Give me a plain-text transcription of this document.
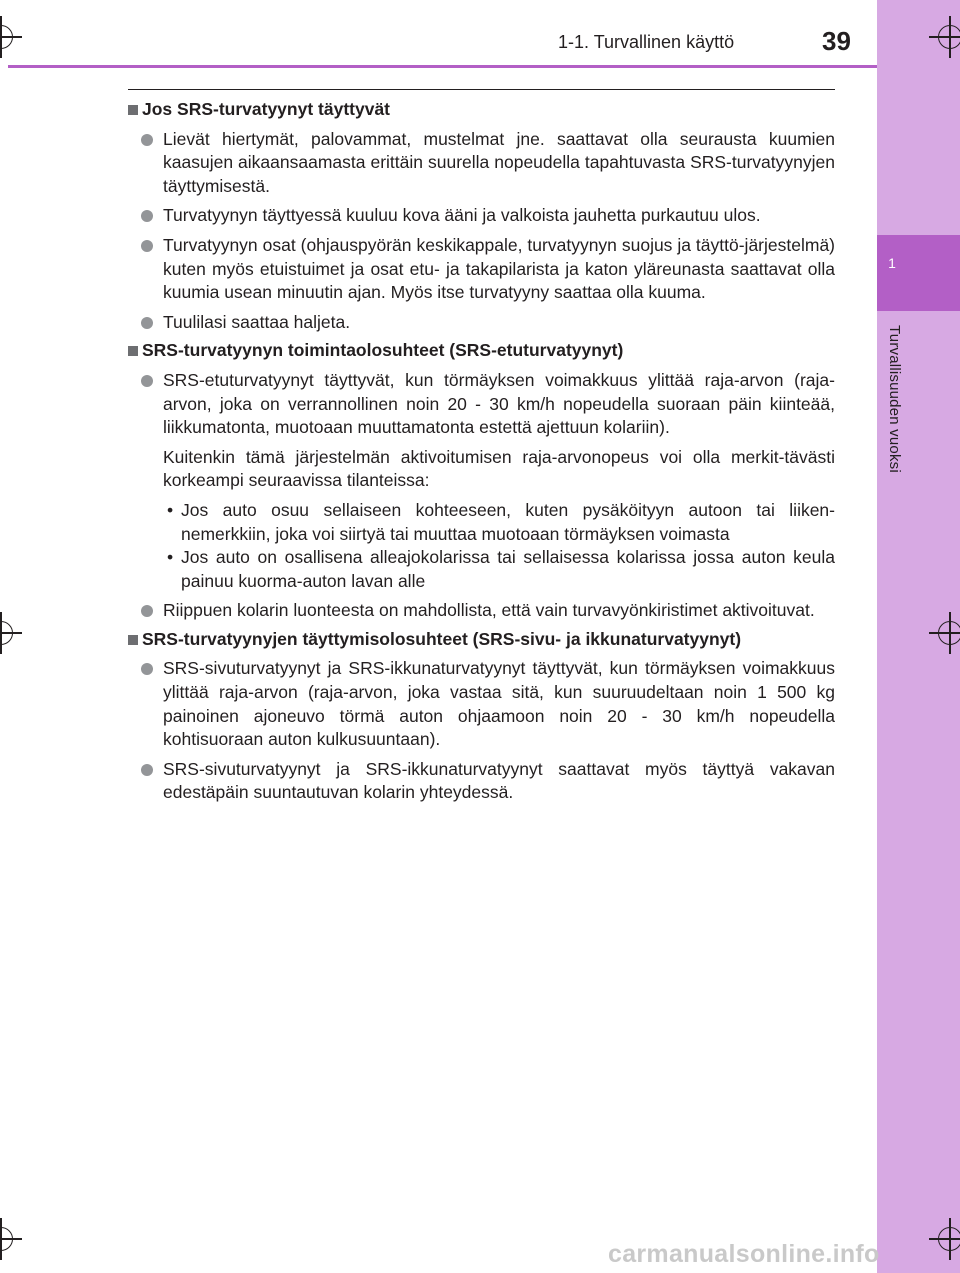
1
Turvallisuuden vuoksi
1-1. Turvallinen käyttö	39
Jos SRS-turvatyynyt täyttyvät
Lievät hiertymät, palovammat, mustelmat jne. saattavat olla seurausta kuumien kaasujen aikaansaamasta erittäin suurella nopeudella tapahtuvasta SRS-turvatyynyjen täyttymisestä.
Turvatyynyn täyttyessä kuuluu kova ääni ja valkoista jauhetta purkautuu ulos.
Turvatyynyn osat (ohjauspyörän keskikappale, turvatyynyn suojus ja täyttö-järjestelmä) kuten myös etuistuimet ja osat etu- ja takapilarista ja katon yläreunasta saattavat olla kuumia usean minuutin ajan. Myös itse turvatyyny saattaa olla kuuma.
Tuulilasi saattaa haljeta.
SRS-turvatyynyn toimintaolosuhteet (SRS-etuturvatyynyt)
SRS-etuturvatyynyt täyttyvät, kun törmäyksen voimakkuus ylittää raja-arvon (raja-arvon, joka on verrannollinen noin 20 - 30 km/h nopeudella suoraan päin kiinteää, liikkumatonta, muotoaan muuttamatonta estettä ajettuun kolariin).
Kuitenkin tämä järjestelmän aktivoitumisen raja-arvonopeus voi olla merkit-tävästi korkeampi seuraavissa tilanteissa:
• Jos auto osuu sellaiseen kohteeseen, kuten pysäköityyn autoon tai liiken-nemerkkiin, joka voi siirtyä tai muuttaa muotoaan törmäyksen voimasta
• Jos auto on osallisena alleajokolarissa tai sellaisessa kolarissa jossa auton keula painuu kuorma-auton lavan alle
Riippuen kolarin luonteesta on mahdollista, että vain turvavyönkiristimet aktivoituvat.
SRS-turvatyynyjen täyttymisolosuhteet (SRS-sivu- ja ikkunaturvatyynyt)
SRS-sivuturvatyynyt ja SRS-ikkunaturvatyynyt täyttyvät, kun törmäyksen voimakkuus ylittää raja-arvon (raja-arvon, joka vastaa sitä, kun suuruudeltaan noin 1 500 kg painoinen ajoneuvo törmä auton ohjaamoon noin 20 - 30 km/h nopeudella kohtisuoraan auton kulkusuuntaan).
SRS-sivuturvatyynyt ja SRS-ikkunaturvatyynyt saattavat myös täyttyä vakavan edestäpäin suuntautuvan kolarin yhteydessä.
carmanualsonline.info
